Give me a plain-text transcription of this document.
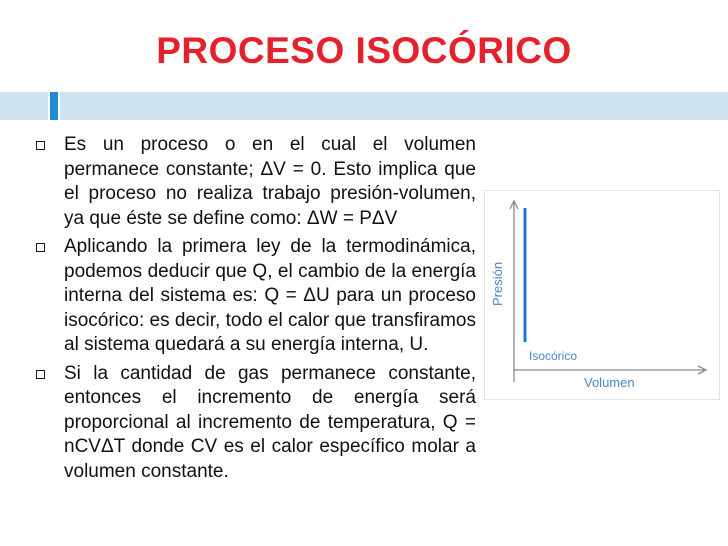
PROCESO ISOCÓRICO
Es un proceso o en el cual el volumen permanece constante; ΔV = 0. Esto implica que el proceso no realiza trabajo presión-volumen, ya que éste se define como: ΔW = PΔV
Aplicando la primera ley de la termodinámica, podemos deducir que Q, el cambio de la energía interna del sistema es: Q = ΔU para un proceso isocórico: es decir, todo el calor que transfiramos al sistema quedará a su energía interna, U.
Si la cantidad de gas permanece constante, entonces el incremento de energía será proporcional al incremento de temperatura, Q = nCVΔT donde CV es el calor específico molar a volumen constante.
Presión
Isocórico
Volumen
